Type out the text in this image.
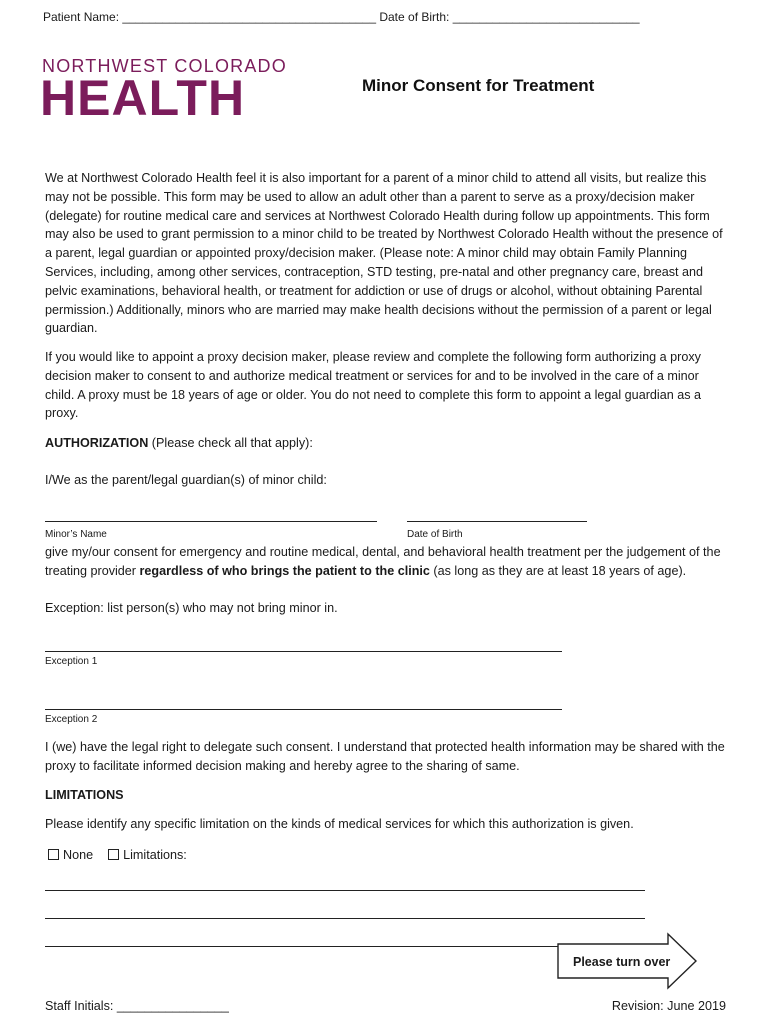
Patient Name: ______________________________________ Date of Birth: ____________________________
NORTHWEST COLORADO
HEALTH	Minor Consent for Treatment
We at Northwest Colorado Health feel it is also important for a parent of a minor child to attend all visits, but realize this may not be possible. This form may be used to allow an adult other than a parent to serve as a proxy/decision maker (delegate) for routine medical care and services at Northwest Colorado Health during follow up appointments. This form may also be used to grant permission to a minor child to be treated by Northwest Colorado Health without the presence of a parent, legal guardian or appointed proxy/decision maker. (Please note: A minor child may obtain Family Planning Services, including, among other services, contraception, STD testing, pre-natal and other pregnancy care, breast and pelvic examinations, behavioral health, or treatment for addiction or use of drugs or alcohol, without obtaining Parental permission.) Additionally, minors who are married may make health decisions without the permission of a parent or legal guardian.
If you would like to appoint a proxy decision maker, please review and complete the following form authorizing a proxy decision maker to consent to and authorize medical treatment or services for and to be involved in the care of a minor child. A proxy must be 18 years of age or older. You do not need to complete this form to appoint a legal guardian as a proxy.
AUTHORIZATION (Please check all that apply):
I/We as the parent/legal guardian(s) of minor child:
Minor’s Name	Date of Birth
give my/our consent for emergency and routine medical, dental, and behavioral health treatment per the judgement of the treating provider regardless of who brings the patient to the clinic (as long as they are at least 18 years of age).
Exception: list person(s) who may not bring minor in.
Exception 1
Exception 2
I (we) have the legal right to delegate such consent. I understand that protected health information may be shared with the proxy to facilitate informed decision making and hereby agree to the sharing of same.
LIMITATIONS
Please identify any specific limitation on the kinds of medical services for which this authorization is given.
None Limitations:
Please turn over
Staff Initials: ________________	Revision: June 2019
